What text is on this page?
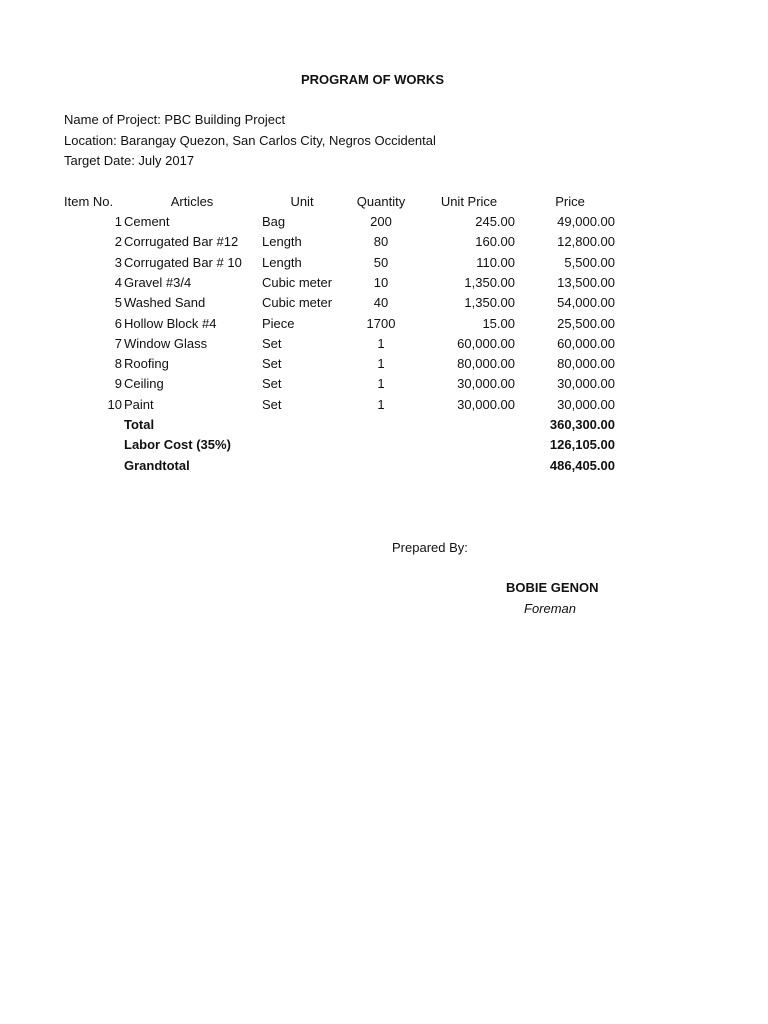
PROGRAM OF WORKS
Name of Project: PBC Building Project
Location: Barangay Quezon, San Carlos City, Negros Occidental
Target Date: July 2017
Item No.	Articles	Unit	Quantity	Unit Price	Price
1 Cement	Bag	200	245.00	49,000.00
2 Corrugated Bar #12	Length	80	160.00	12,800.00
3 Corrugated Bar # 10	Length	50	110.00	5,500.00
4 Gravel #3/4	Cubic meter	10	1,350.00	13,500.00
5 Washed Sand	Cubic meter	40	1,350.00	54,000.00
6 Hollow Block #4	Piece	1700	15.00	25,500.00
7 Window Glass	Set	1	60,000.00	60,000.00
8 Roofing	Set	1	80,000.00	80,000.00
9 Ceiling	Set	1	30,000.00	30,000.00
10 Paint	Set	1	30,000.00	30,000.00
Total	360,300.00
Labor Cost (35%)	126,105.00
Grandtotal	486,405.00
Prepared By:
BOBIE GENON
Foreman
